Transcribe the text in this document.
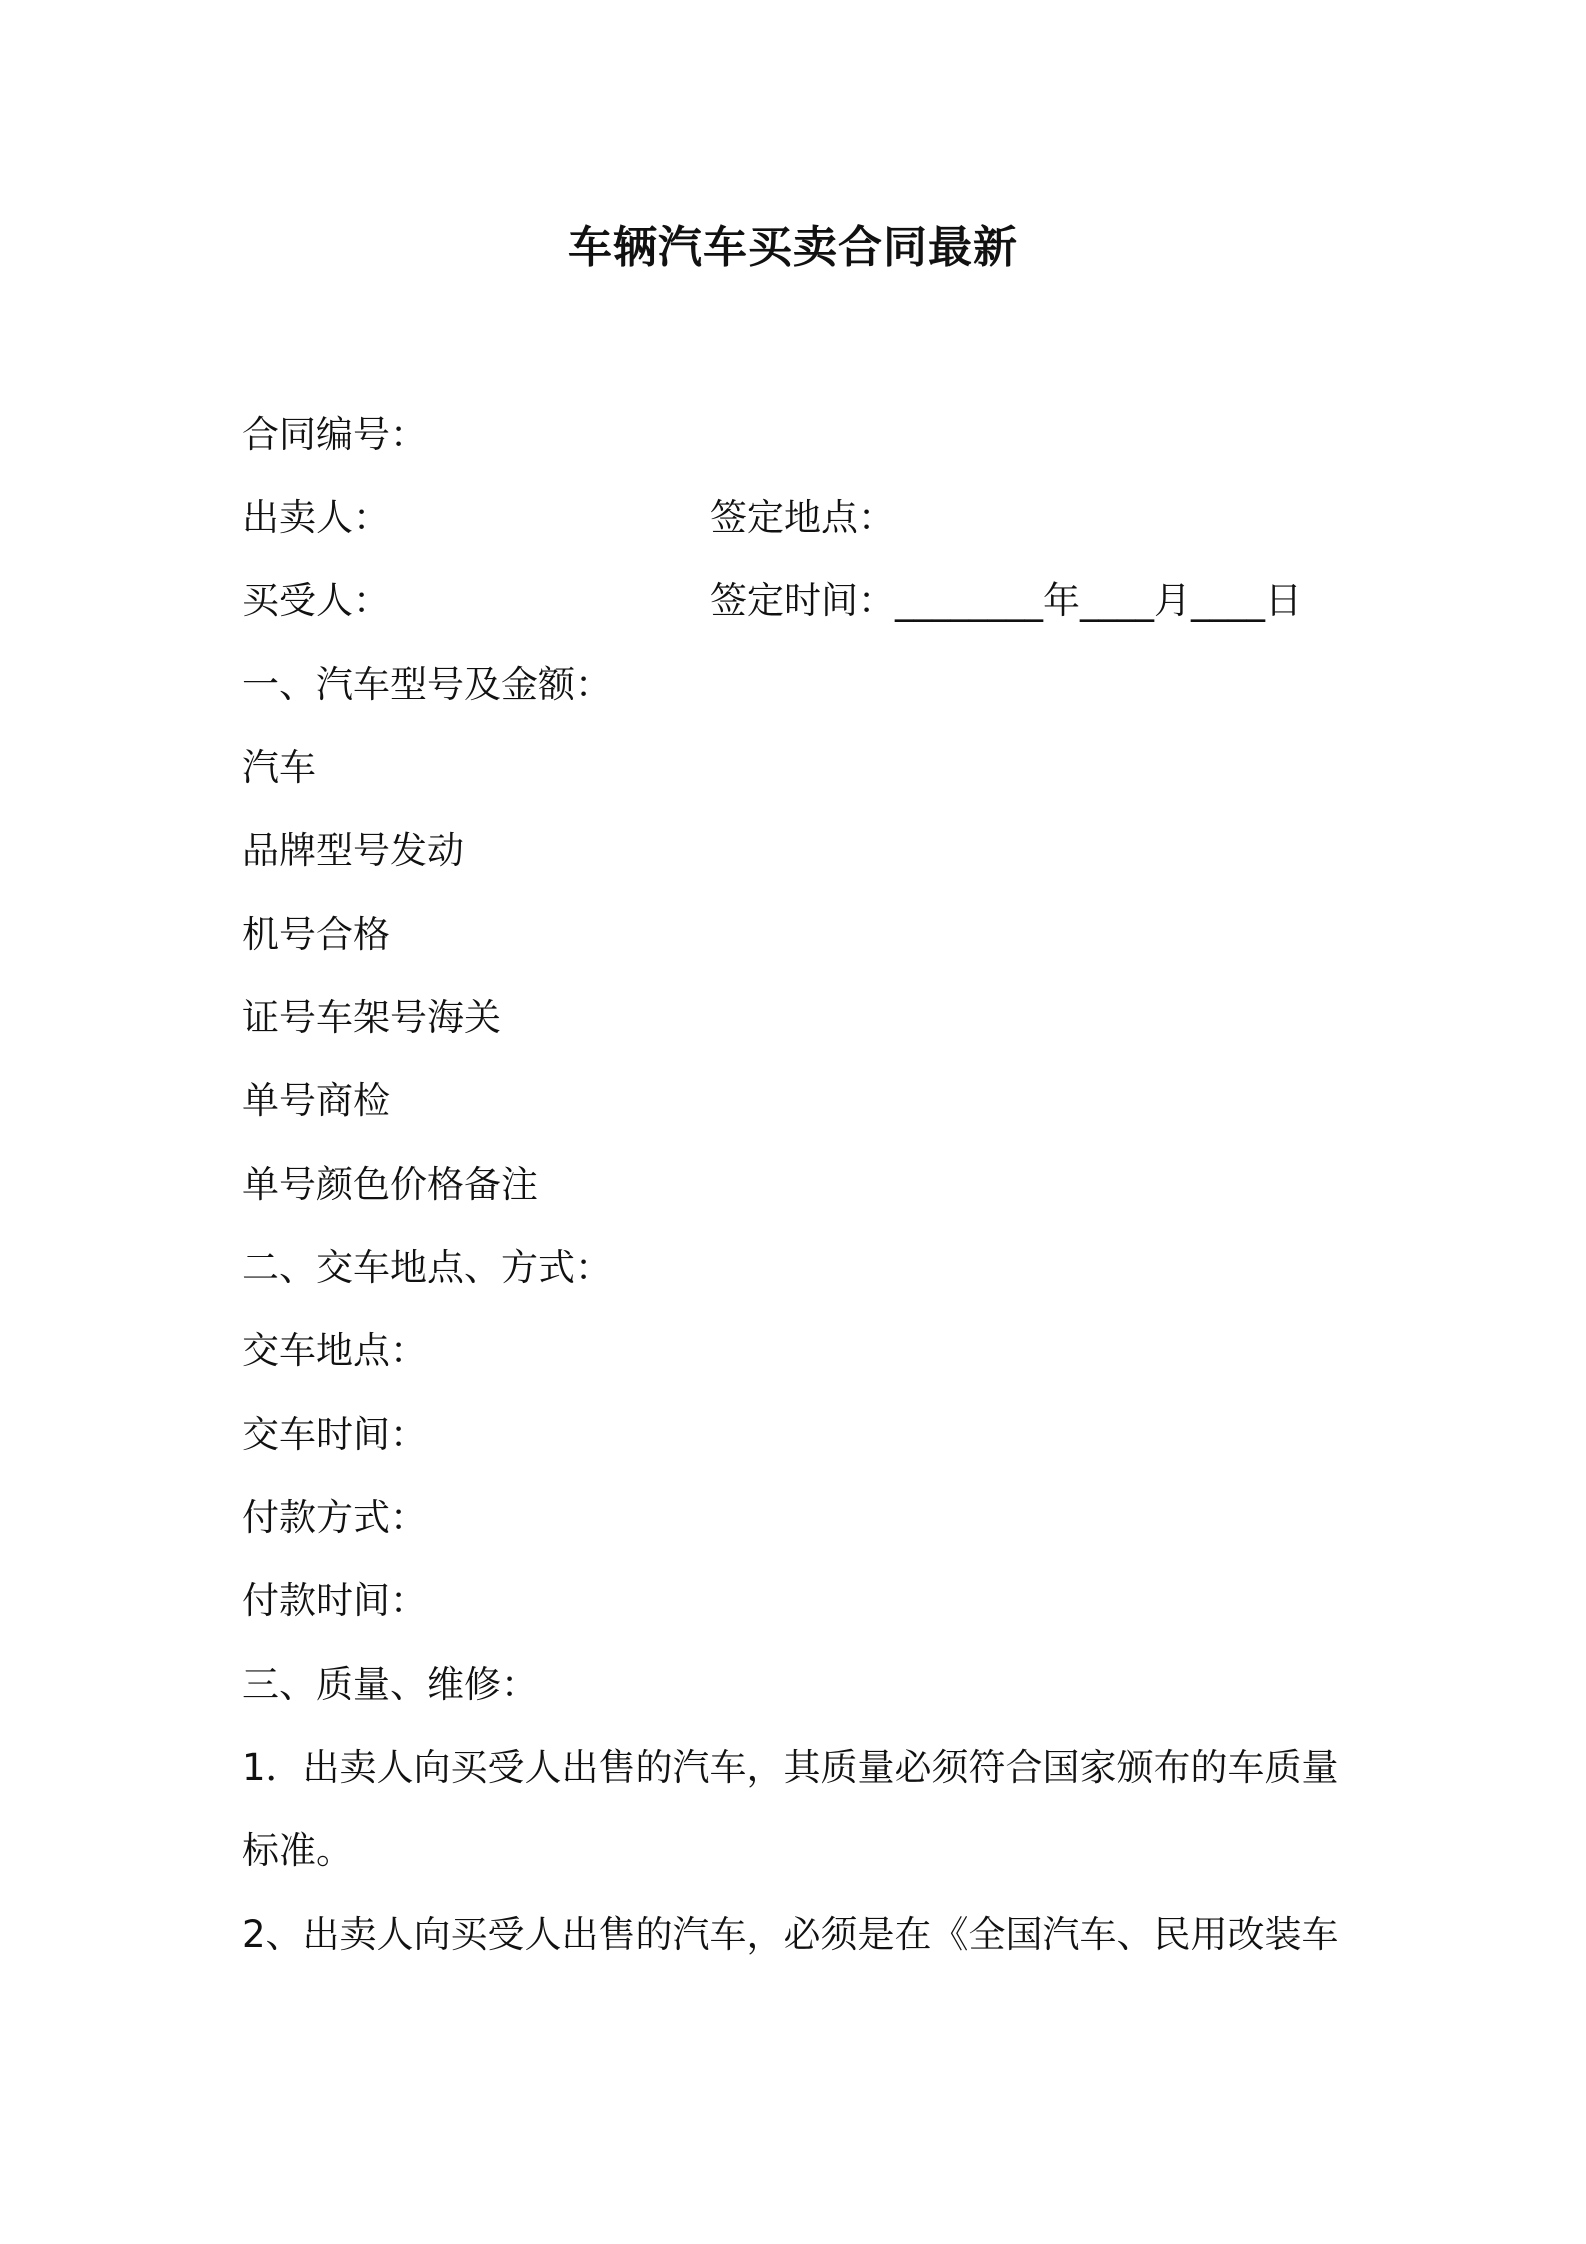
车辆汽车买卖合同最新
合同编号：
出卖人：	签定地点：
买受人：	签定时间：________年____月____日
一、汽车型号及金额：
汽车
品牌型号发动
机号合格
证号车架号海关
单号商检
单号颜色价格备注
二、交车地点、方式：
交车地点：
交车时间：
付款方式：
付款时间：
三、质量、维修：
1．出卖人向买受人出售的汽车，其质量必须符合国家颁布的车质量
标准。
2、出卖人向买受人出售的汽车，必须是在《全国汽车、民用改装车
